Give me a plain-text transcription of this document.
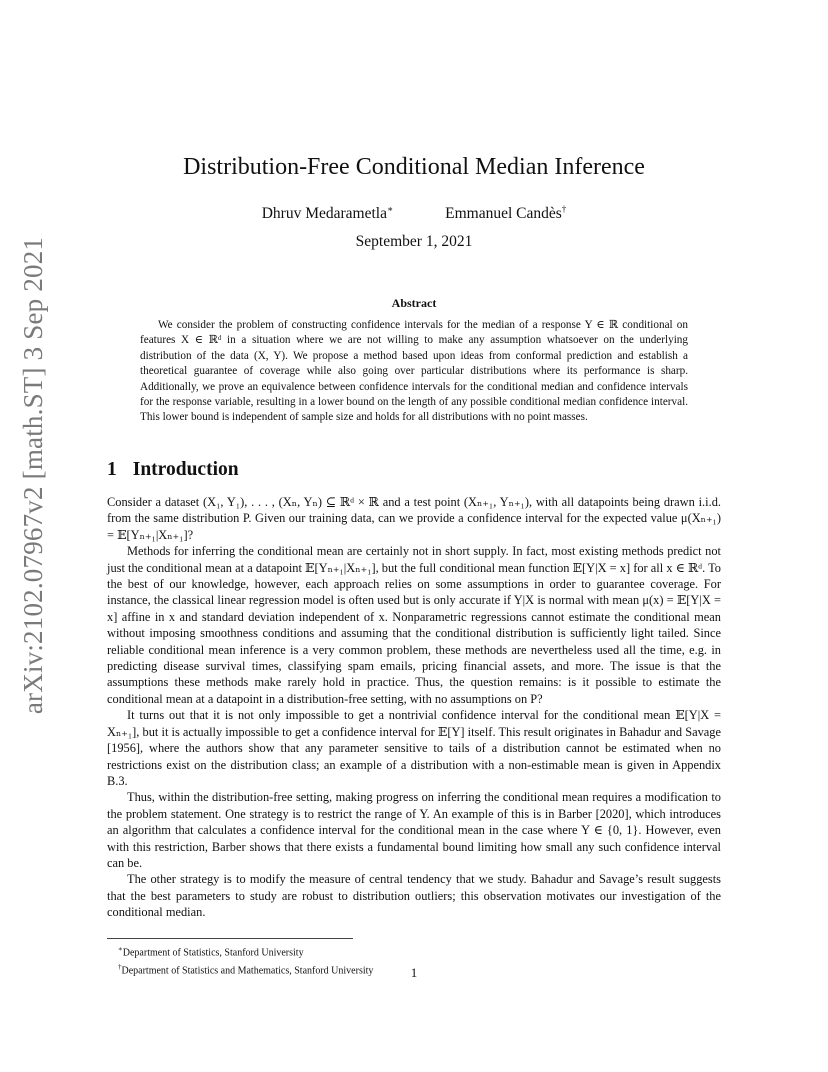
arXiv:2102.07967v2 [math.ST] 3 Sep 2021
Distribution-Free Conditional Median Inference
Dhruv Medarametla∗	Emmanuel Candès†
September 1, 2021
Abstract
We consider the problem of constructing confidence intervals for the median of a response Y ∈ ℝ conditional on features X ∈ ℝᵈ in a situation where we are not willing to make any assumption whatsoever on the underlying distribution of the data (X, Y). We propose a method based upon ideas from conformal prediction and establish a theoretical guarantee of coverage while also going over particular distributions where its performance is sharp. Additionally, we prove an equivalence between confidence intervals for the conditional median and confidence intervals for the response variable, resulting in a lower bound on the length of any possible conditional median confidence interval. This lower bound is independent of sample size and holds for all distributions with no point masses.
1 Introduction

Consider a dataset (X₁, Y₁), . . . , (Xₙ, Yₙ) ⊆ ℝᵈ × ℝ and a test point (Xₙ₊₁, Yₙ₊₁), with all datapoints being drawn i.i.d. from the same distribution P. Given our training data, can we provide a confidence interval for the expected value μ(Xₙ₊₁) = 𝔼[Yₙ₊₁|Xₙ₊₁]?

Methods for inferring the conditional mean are certainly not in short supply. In fact, most existing methods predict not just the conditional mean at a datapoint 𝔼[Yₙ₊₁|Xₙ₊₁], but the full conditional mean function 𝔼[Y|X = x] for all x ∈ ℝᵈ. To the best of our knowledge, however, each approach relies on some assumptions in order to guarantee coverage. For instance, the classical linear regression model is often used but is only accurate if Y|X is normal with mean μ(x) = 𝔼[Y|X = x] affine in x and standard deviation independent of x. Nonparametric regressions cannot estimate the conditional mean without imposing smoothness conditions and assuming that the conditional distribution is sufficiently light tailed. Since reliable conditional mean inference is a very common problem, these methods are nevertheless used all the time, e.g. in predicting disease survival times, classifying spam emails, pricing financial assets, and more. The issue is that the assumptions these methods make rarely hold in practice. Thus, the question remains: is it possible to estimate the conditional mean at a datapoint in a distribution-free setting, with no assumptions on P?

It turns out that it is not only impossible to get a nontrivial confidence interval for the conditional mean 𝔼[Y|X = Xₙ₊₁], but it is actually impossible to get a confidence interval for 𝔼[Y] itself. This result originates in Bahadur and Savage [1956], where the authors show that any parameter sensitive to tails of a distribution cannot be estimated when no restrictions exist on the distribution class; an example of a distribution with a non-estimable mean is given in Appendix B.3.

Thus, within the distribution-free setting, making progress on inferring the conditional mean requires a modification to the problem statement. One strategy is to restrict the range of Y. An example of this is in Barber [2020], which introduces an algorithm that calculates a confidence interval for the conditional mean in the case where Y ∈ {0, 1}. However, even with this restriction, Barber shows that there exists a fundamental bound limiting how small any such confidence interval can be.

The other strategy is to modify the measure of central tendency that we study. Bahadur and Savage’s result suggests that the best parameters to study are robust to distribution outliers; this observation motivates our investigation of the conditional median.

∗Department of Statistics, Stanford University
†Department of Statistics and Mathematics, Stanford University	1
